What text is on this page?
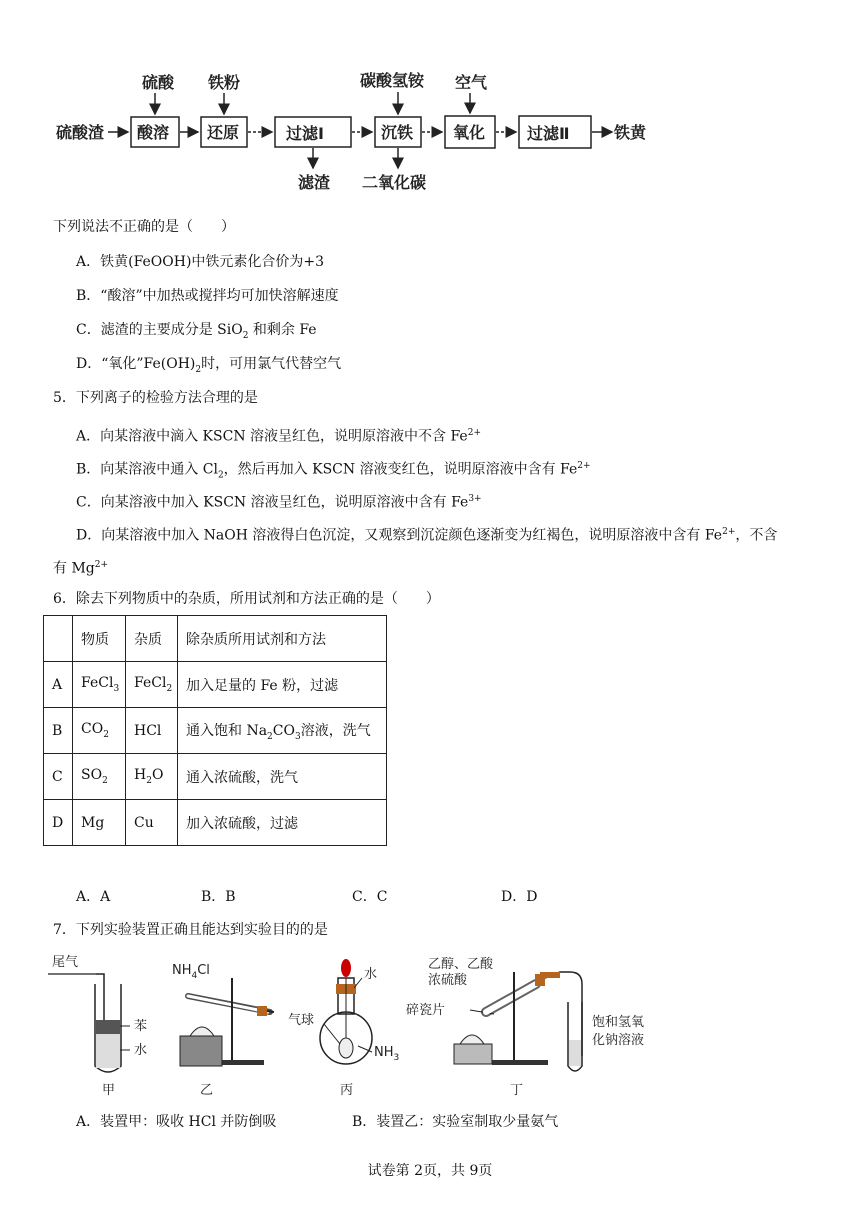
硫酸渣 酸溶
硫酸
还原
铁粉
过滤Ⅰ
滤渣
沉铁
碳酸氢铵
二氧化碳
氧化
空气
过滤Ⅱ	铁黄
下列说法不正确的是（　　）
A．铁黄(FeOOH)中铁元素化合价为+3
B．“酸溶”中加热或搅拌均可加快溶解速度
C．滤渣的主要成分是 SiO$_2$ 和剩余 Fe
D．“氧化$”Fe(OH)_2$时，可用氯气代替空气
5．下列离子的检验方法合理的是
A．向某溶液中滴入 KSCN 溶液呈红色，说明原溶液中不含 $Fe^{2+}$
B．向某溶液中通入 $Cl_2$，然后再加入 KSCN 溶液变红色，说明原溶液中含有 $Fe^{2+}$
C．向某溶液中加入 KSCN 溶液呈红色，说明原溶液中含有 $Fe^{3+}$
D．向某溶液中加入 NaOH 溶液得白色沉淀，又观察到沉淀颜色逐渐变为红褐色，说明原溶液中含有 $Fe^{2+}$，不含
有 $Mg^{2+}$
6．除去下列物质中的杂质，所用试剂和方法正确的是（　　）
	物质	杂质	除杂质所用试剂和方法
A	FeCl$_3$	FeCl$_2$	加入足量的 Fe 粉，过滤
B	$CO_2$	HCl	通入饱和 $Na_2CO_3$溶液，洗气
C	$SO_2$	$H_2O$	通入浓硫酸，洗气
D	Mg	Cu	加入浓硫酸，过滤
A．A	B．B	C．C	D．D
7．下列实验装置正确且能达到实验目的的是
尾气
苯
水
甲
$NH_4Cl$
乙
水
气球
$NH_3$
丙
乙醇、乙酸
浓硫酸
碎瓷片
饱和氢氧
化钠溶液
丁
A．装置甲：吸收 HCl 并防倒吸	B．装置乙：实验室制取少量氨气
试卷第 2页，共 9页
